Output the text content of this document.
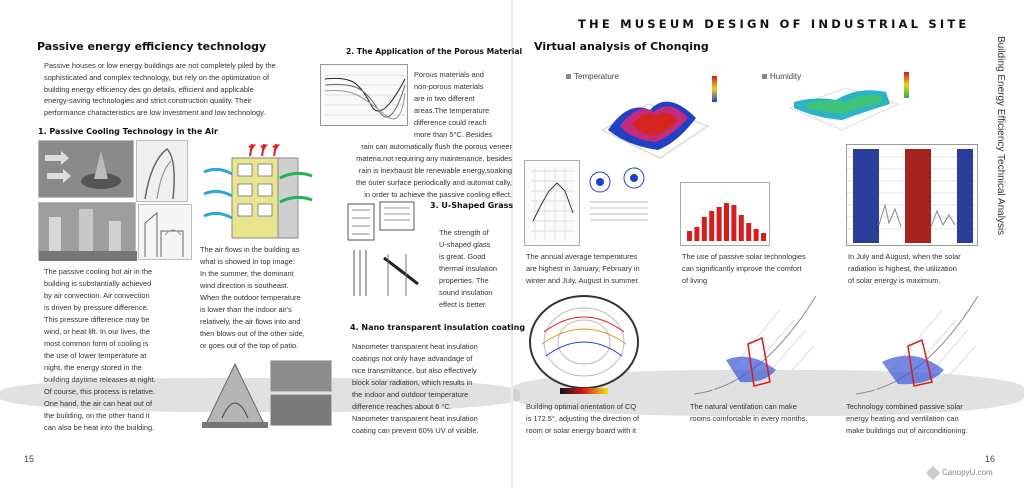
THE MUSEUM DESIGN OF INDUSTRIAL SITE
Building Energy Efficiency Technical Analysis
Passive energy efficiency technology
Passive houses or low energy buildings are not completely piled by the
sophisticated and complex technology, but rely on the optimization of
building energy efficiency des gn details, efficient and applicable
energy-saving technologies and strict construction quality. Their
performance characteristics are low investment and low technology.
1. Passive Cooling Technology in the Air
The passive cooling hot air in the
building is substantially achieved
by air convection. Air convection
is driven by pressure difference.
This pressure difference may be
wind, or heat lift. In our lives, the
most common form of cooling is
the use of lower temperature at
night, the energy stored in the
building daytime releases at night.
Of course, this process is relative.
One hand, the air can heat out of
the building, on the other hand it
can also be heat into the building.
The air flows in the building as
what is showed in top image:
In the summer, the dominant
wind direction is southeast.
When the outdoor temperature
is lower than the indoor air's
relatively, the air flows into and
then blows out of the other side,
or goes out of the top of patio.
2. The Application of the Porous Material
Porous materials and
non-porous materials
are in two different
areas.The temperature
difference could reach
more than 5°C. Besides
rain can automatically flush the porous veneer
materia,not requiring any maintenance, besides
rain is inexhaust ble renewable energy,soaking
the outer surface periodically and automat cally,
in order to achieve the passive cooling effect.
3. U-Shaped Grass
The strength of
U-shaped glass
is great. Good
thermal insulation
properties. The
sound insulation
effect is better.
4. Nano transparent insulation coating
Nanometer transparent heat insulation
coatings not only have advandage of
nice transmittance, but also effectively
block solar radiation, which results in
the indoor and outdoor temperature
difference reaches about 6 °C.
Nanometer transparent heat insulation
coating can prevent 60% UV of visible.
15
Virtual analysis of Chonqing
Temperature	Humidity
The annual average temperatures
are highest in January, February in
winter and July, August in summer.
The use of passive solar technologies
can significantly improve the comfort
of living
In July and August, when the solar
radiation is highest, the utilization
of solar energy is maximum.
Building optimal orientation of CQ
is 172.5°, adjusting the direction of
room or solar energy board with it
The natural ventilation can make
rooms comfortable in every months.
Technology combined passive solar
energy heating and ventilation can
make buildings out of airconditioning.
16
CanopyU.com
